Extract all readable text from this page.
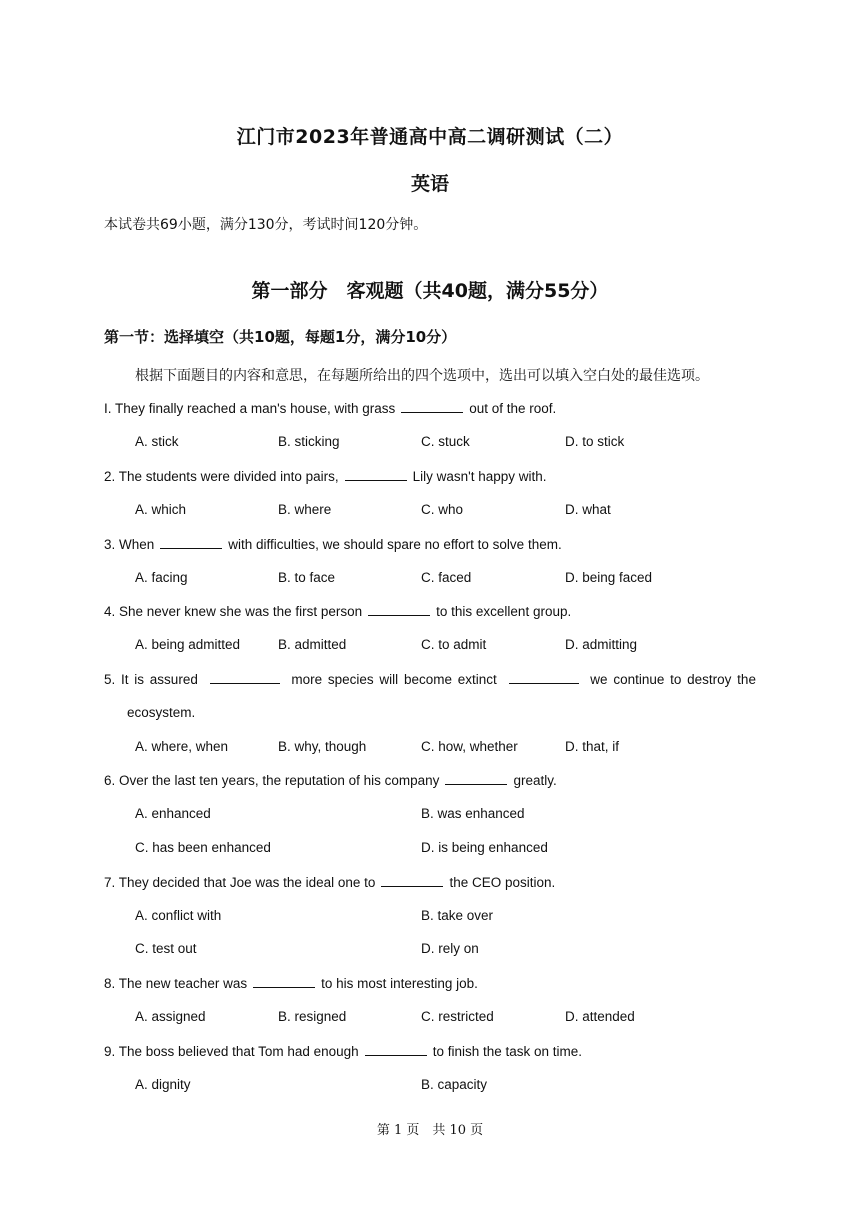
江门市2023年普通高中高二调研测试（二）
英语
本试卷共69小题，满分130分，考试时间120分钟。
第一部分　客观题（共40题，满分55分）
第一节：选择填空（共10题，每题1分，满分10分）
根据下面题目的内容和意思，在每题所给出的四个选项中，选出可以填入空白处的最佳选项。
I. They finally reached a man's house, with grass	out of the roof.
A. stick	B. sticking	C. stuck	D. to stick
2. The students were divided into pairs,	Lily wasn't happy with.
A. which	B. where	C. who	D. what
3. When	with difficulties, we should spare no effort to solve them.
A. facing	B. to face	C. faced	D. being faced
4. She never knew she was the first person	to this excellent group.
A. being admitted	B. admitted	C. to admit	D. admitting
5. It is assured	more species will become extinct	we continue to destroy the
ecosystem.
A. where, when	B. why, though	C. how, whether	D. that, if
6. Over the last ten years, the reputation of his company	greatly.
A. enhanced	B. was enhanced
C. has been enhanced	D. is being enhanced
7. They decided that Joe was the ideal one to	the CEO position.
A. conflict with	B. take over
C. test out	D. rely on
8. The new teacher was	to his most interesting job.
A. assigned	B. resigned	C. restricted	D. attended
9. The boss believed that Tom had enough	to finish the task on time.
A. dignity	B. capacity
第 1 页　共 10 页
